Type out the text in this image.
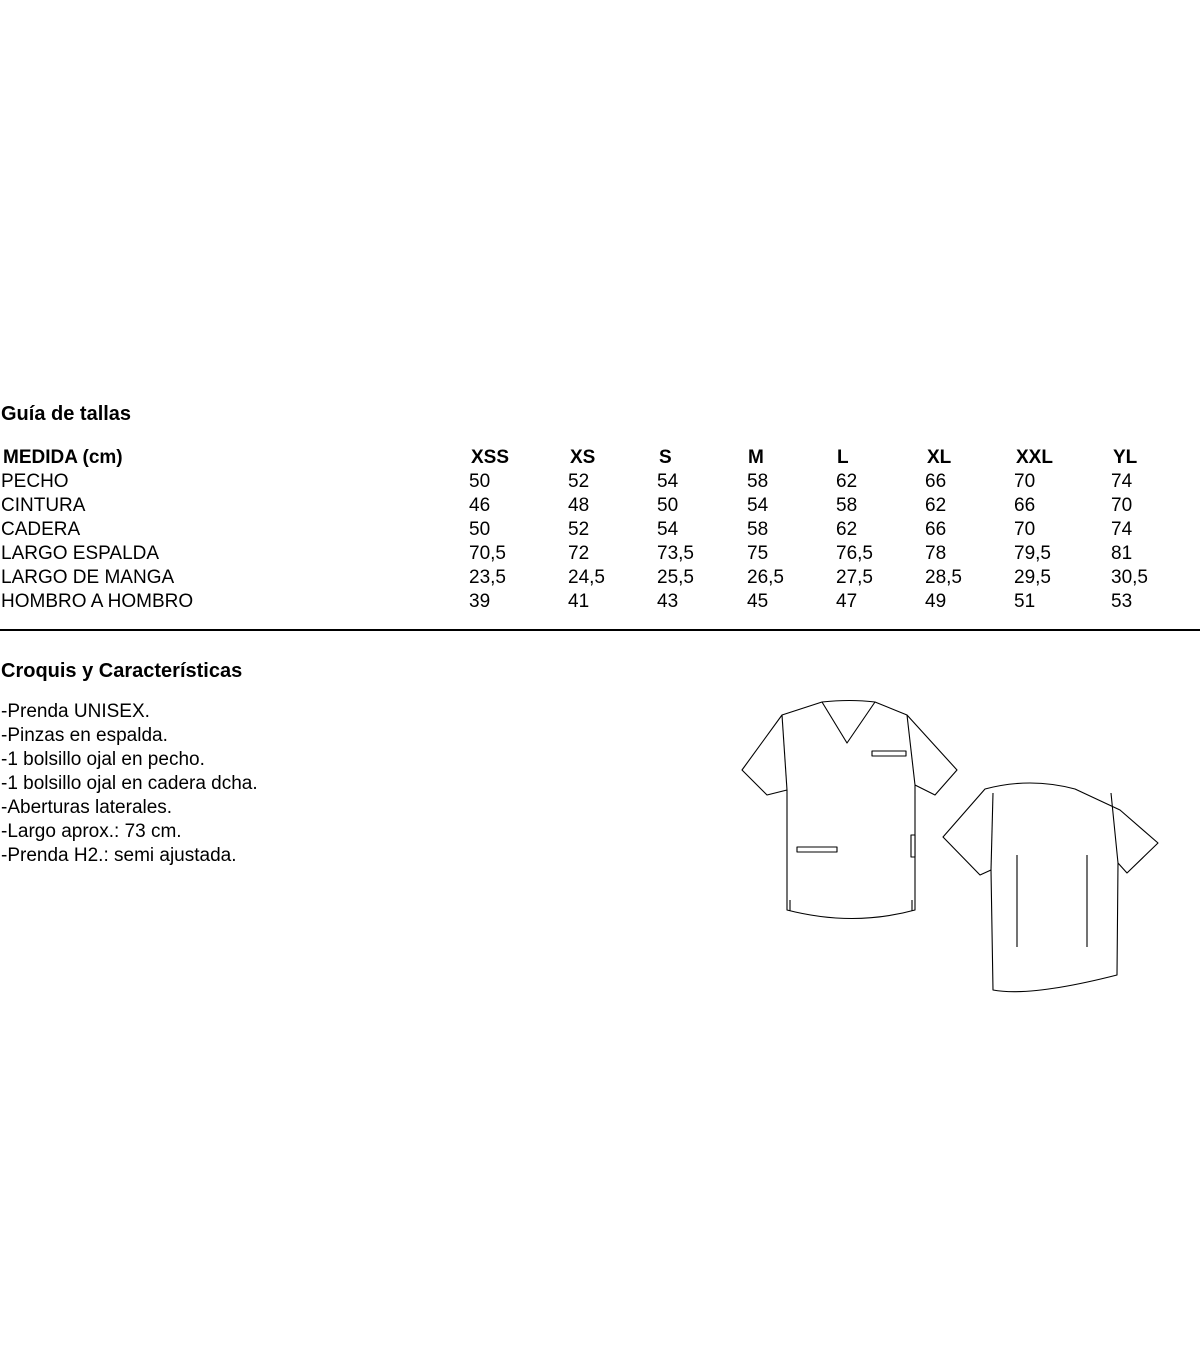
Guía de tallas
MEDIDA (cm)	XSS	XS	S	M	L	XL	XXL	YL
PECHO	50	52	54	58	62	66	70	74
CINTURA	46	48	50	54	58	62	66	70
CADERA	50	52	54	58	62	66	70	74
LARGO ESPALDA	70,5	72	73,5	75	76,5	78	79,5	81
LARGO DE MANGA	23,5	24,5	25,5	26,5	27,5	28,5	29,5	30,5
HOMBRO A HOMBRO	39	41	43	45	47	49	51	53
Croquis y Características
-Prenda UNISEX.
-Pinzas en espalda.
-1 bolsillo ojal en pecho.
-1 bolsillo ojal en cadera dcha.
-Aberturas laterales.
-Largo aprox.: 73 cm.
-Prenda H2.: semi ajustada.
